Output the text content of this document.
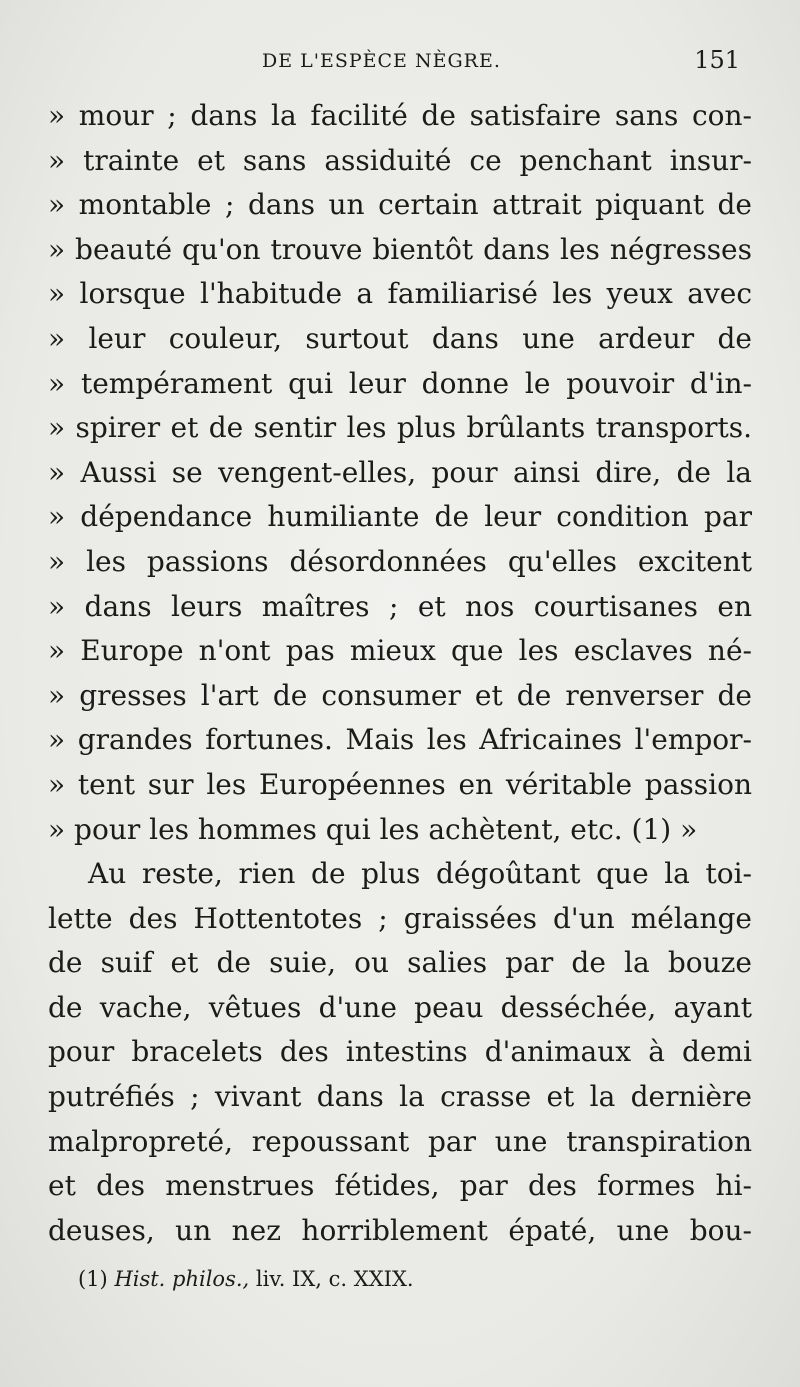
DE L'ESPÈCE NÈGRE.	151
» mour ; dans la facilité de satisfaire sans con-
» trainte et sans assiduité ce penchant insur-
» montable ; dans un certain attrait piquant de
» beauté qu'on trouve bientôt dans les négresses
» lorsque l'habitude a familiarisé les yeux avec
» leur couleur, surtout dans une ardeur de
» tempérament qui leur donne le pouvoir d'in-
» spirer et de sentir les plus brûlants transports.
» Aussi se vengent-elles, pour ainsi dire, de la
» dépendance humiliante de leur condition par
» les passions désordonnées qu'elles excitent
» dans leurs maîtres ; et nos courtisanes en
» Europe n'ont pas mieux que les esclaves né-
» gresses l'art de consumer et de renverser de
» grandes fortunes. Mais les Africaines l'empor-
» tent sur les Européennes en véritable passion
» pour les hommes qui les achètent, etc. (1) »
Au reste, rien de plus dégoûtant que la toi-
lette des Hottentotes ; graissées d'un mélange
de suif et de suie, ou salies par de la bouze
de vache, vêtues d'une peau desséchée, ayant
pour bracelets des intestins d'animaux à demi
putréfiés ; vivant dans la crasse et la dernière
malpropreté, repoussant par une transpiration
et des menstrues fétides, par des formes hi-
deuses, un nez horriblement épaté, une bou-
(1) Hist. philos., liv. IX, c. XXIX.
